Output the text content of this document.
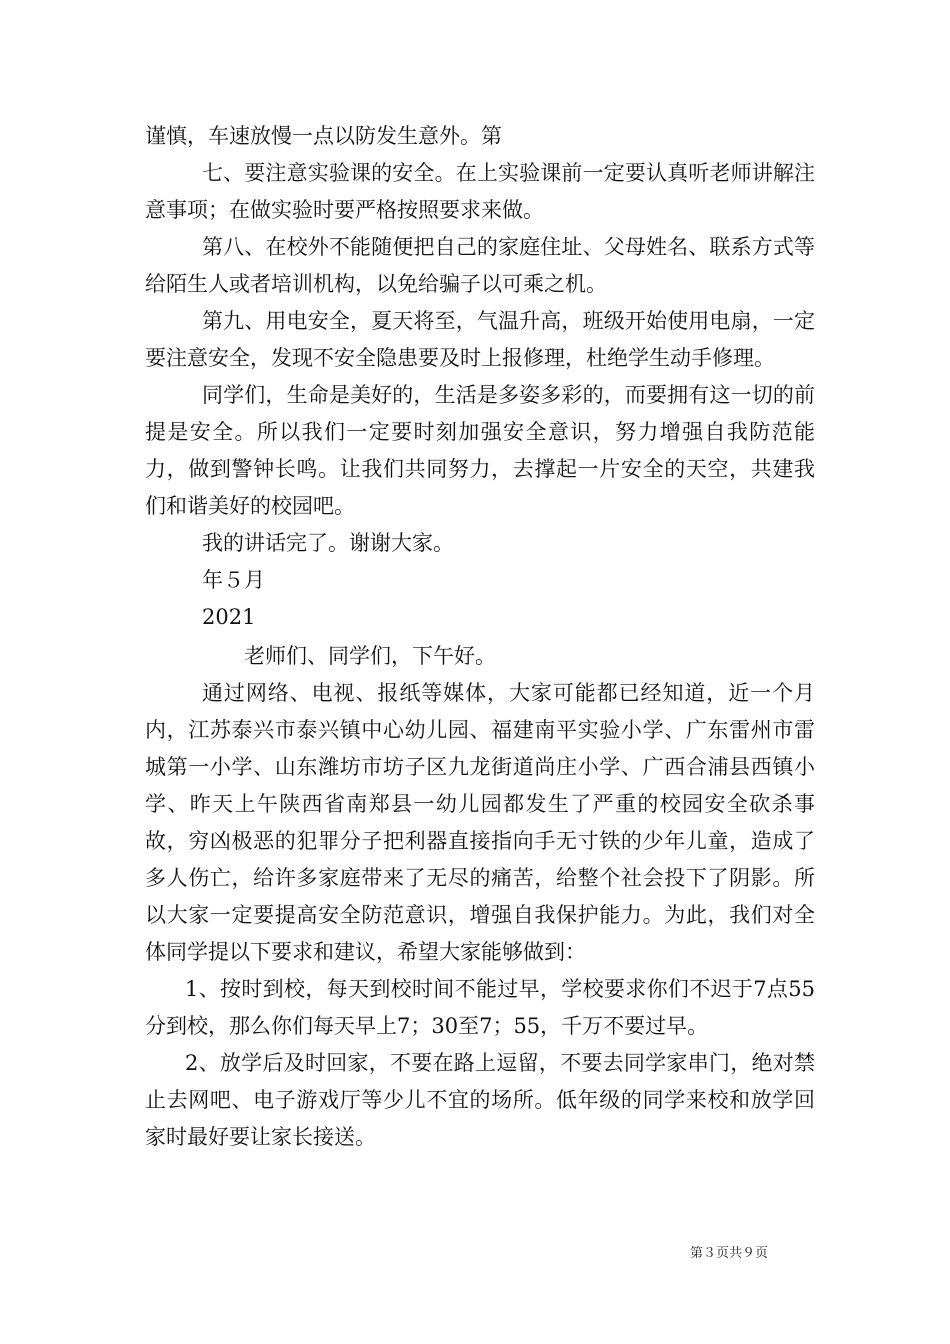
谨慎，车速放慢一点以防发生意外。第

七、要注意实验课的安全。在上实验课前一定要认真听老师讲解注意事项；在做实验时要严格按照要求来做。

第八、在校外不能随便把自己的家庭住址、父母姓名、联系方式等给陌生人或者培训机构，以免给骗子以可乘之机。

第九、用电安全，夏天将至，气温升高，班级开始使用电扇，一定要注意安全，发现不安全隐患要及时上报修理，杜绝学生动手修理。

同学们，生命是美好的，生活是多姿多彩的，而要拥有这一切的前提是安全。所以我们一定要时刻加强安全意识，努力增强自我防范能力，做到警钟长鸣。让我们共同努力，去撑起一片安全的天空，共建我们和谐美好的校园吧。

我的讲话完了。谢谢大家。

年５月

2021

老师们、同学们，下午好。

通过网络、电视、报纸等媒体，大家可能都已经知道，近一个月内，江苏泰兴市泰兴镇中心幼儿园、福建南平实验小学、广东雷州市雷城第一小学、山东潍坊市坊子区九龙街道尚庄小学、广西合浦县西镇小学、昨天上午陕西省南郑县一幼儿园都发生了严重的校园安全砍杀事故，穷凶极恶的犯罪分子把利器直接指向手无寸铁的少年儿童，造成了多人伤亡，给许多家庭带来了无尽的痛苦，给整个社会投下了阴影。所以大家一定要提高安全防范意识，增强自我保护能力。为此，我们对全体同学提以下要求和建议，希望大家能够做到：

1、按时到校，每天到校时间不能过早，学校要求你们不迟于7点55分到校，那么你们每天早上7；30至7；55，千万不要过早。

2、放学后及时回家，不要在路上逗留，不要去同学家串门，绝对禁止去网吧、电子游戏厅等少儿不宜的场所。低年级的同学来校和放学回家时最好要让家长接送。

第３页共９页
